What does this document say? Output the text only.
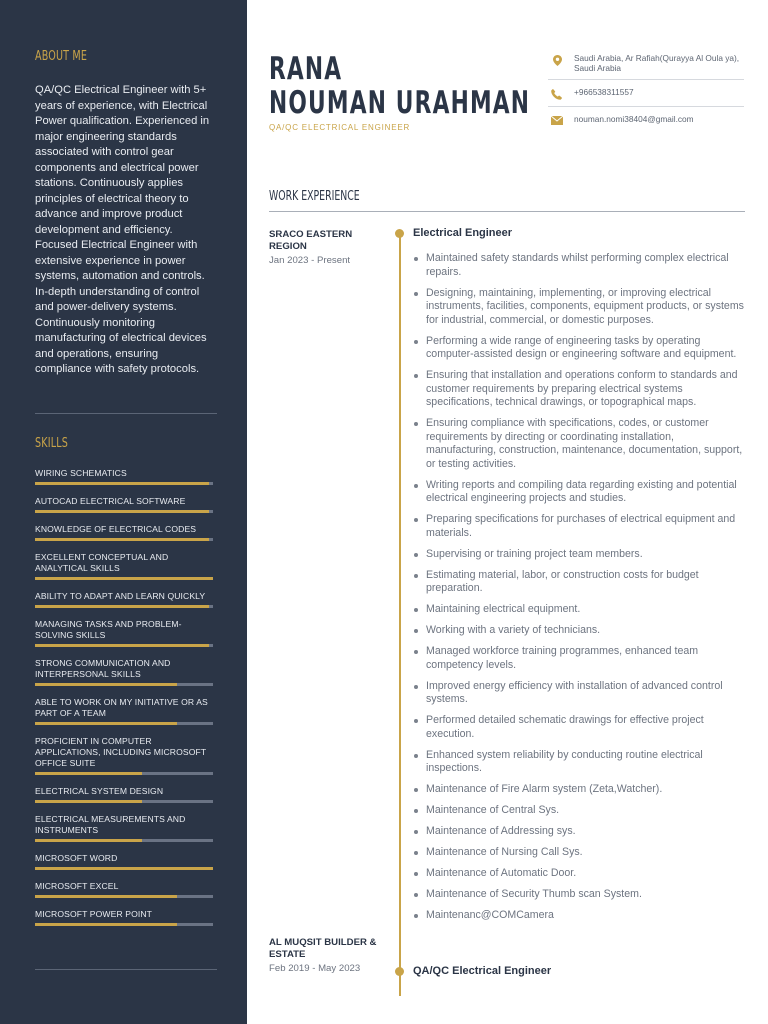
ABOUT ME
QA/QC Electrical Engineer with 5+ years of experience, with Electrical Power qualification. Experienced in major engineering standards associated with control gear components and electrical power stations. Continuously applies principles of electrical theory to advance and improve product development and efficiency. Focused Electrical Engineer with extensive experience in power systems, automation and controls. In-depth understanding of control and power-delivery systems. Continuously monitoring manufacturing of electrical devices and operations, ensuring compliance with safety protocols.
SKILLS
WIRING SCHEMATICS
AUTOCAD ELECTRICAL SOFTWARE
KNOWLEDGE OF ELECTRICAL CODES
EXCELLENT CONCEPTUAL AND ANALYTICAL SKILLS
ABILITY TO ADAPT AND LEARN QUICKLY
MANAGING TASKS AND PROBLEM-SOLVING SKILLS
STRONG COMMUNICATION AND INTERPERSONAL SKILLS
ABLE TO WORK ON MY INITIATIVE OR AS PART OF A TEAM
PROFICIENT IN COMPUTER APPLICATIONS, INCLUDING MICROSOFT OFFICE SUITE
ELECTRICAL SYSTEM DESIGN
ELECTRICAL MEASUREMENTS AND INSTRUMENTS
MICROSOFT WORD
MICROSOFT EXCEL
MICROSOFT POWER POINT
RANA
NOUMAN URAHMAN
QA/QC ELECTRICAL ENGINEER
Saudi Arabia, Ar Rafiah(Qurayya Al Oula ya), Saudi Arabia
+966538311557
nouman.nomi38404@gmail.com
WORK EXPERIENCE
SRACO EASTERN REGION
Jan 2023 - Present
Electrical Engineer
Maintained safety standards whilst performing complex electrical repairs.
Designing, maintaining, implementing, or improving electrical instruments, facilities, components, equipment products, or systems for industrial, commercial, or domestic purposes.
Performing a wide range of engineering tasks by operating computer-assisted design or engineering software and equipment.
Ensuring that installation and operations conform to standards and customer requirements by preparing electrical systems specifications, technical drawings, or topographical maps.
Ensuring compliance with specifications, codes, or customer requirements by directing or coordinating installation, manufacturing, construction, maintenance, documentation, support, or testing activities.
Writing reports and compiling data regarding existing and potential electrical engineering projects and studies.
Preparing specifications for purchases of electrical equipment and materials.
Supervising or training project team members.
Estimating material, labor, or construction costs for budget preparation.
Maintaining electrical equipment.
Working with a variety of technicians.
Managed workforce training programmes, enhanced team competency levels.
Improved energy efficiency with installation of advanced control systems.
Performed detailed schematic drawings for effective project execution.
Enhanced system reliability by conducting routine electrical inspections.
Maintenance of Fire Alarm system (Zeta,Watcher).
Maintenance of Central Sys.
Maintenance of Addressing sys.
Maintenance of Nursing Call Sys.
Maintenance of Automatic Door.
Maintenance of Security Thumb scan System.
Maintenanc@COMCamera
AL MUQSIT BUILDER & ESTATE
Feb 2019 - May 2023	QA/QC Electrical Engineer
